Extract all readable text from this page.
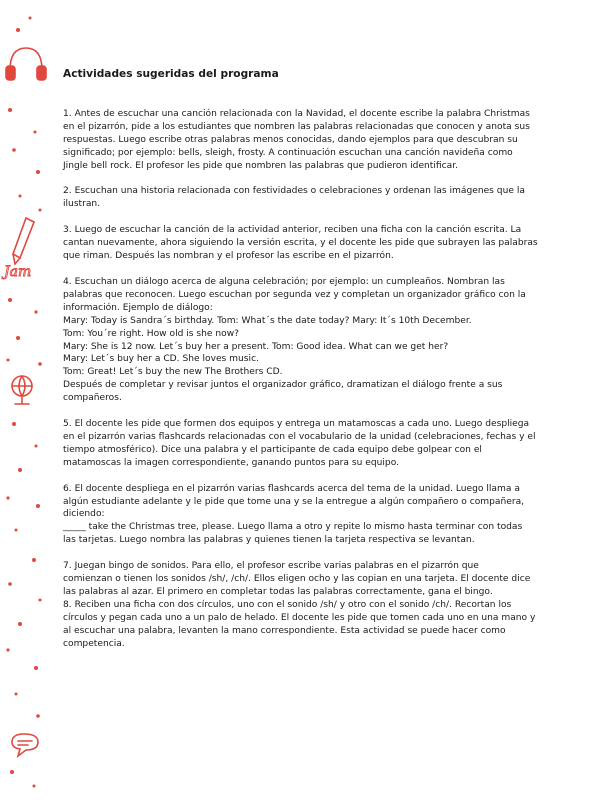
Jam
Actividades sugeridas del programa
1. Antes de escuchar una canción relacionada con la Navidad, el docente escribe la palabra Christmas
en el pizarrón, pide a los estudiantes que nombren las palabras relacionadas que conocen y anota sus
respuestas. Luego escribe otras palabras menos conocidas, dando ejemplos para que descubran su
significado; por ejemplo: bells, sleigh, frosty. A continuación escuchan una canción navideña como
Jingle bell rock. El profesor les pide que nombren las palabras que pudieron identificar.
2. Escuchan una historia relacionada con festividades o celebraciones y ordenan las imágenes que la
ilustran.
3. Luego de escuchar la canción de la actividad anterior, reciben una ficha con la canción escrita. La
cantan nuevamente, ahora siguiendo la versión escrita, y el docente les pide que subrayen las palabras
que riman. Después las nombran y el profesor las escribe en el pizarrón.
4. Escuchan un diálogo acerca de alguna celebración; por ejemplo: un cumpleaños. Nombran las
palabras que reconocen. Luego escuchan por segunda vez y completan un organizador gráfico con la
información. Ejemplo de diálogo:
Mary: Today is Sandra´s birthday. Tom: What´s the date today? Mary: It´s 10th December.
Tom: You´re right. How old is she now?
Mary: She is 12 now. Let´s buy her a present. Tom: Good idea. What can we get her?
Mary: Let´s buy her a CD. She loves music.
Tom: Great! Let´s buy the new The Brothers CD.
Después de completar y revisar juntos el organizador gráfico, dramatizan el diálogo frente a sus
compañeros.
5. El docente les pide que formen dos equipos y entrega un matamoscas a cada uno. Luego despliega
en el pizarrón varias flashcards relacionadas con el vocabulario de la unidad (celebraciones, fechas y el
tiempo atmosférico). Dice una palabra y el participante de cada equipo debe golpear con el
matamoscas la imagen correspondiente, ganando puntos para su equipo.
6. El docente despliega en el pizarrón varias flashcards acerca del tema de la unidad. Luego llama a
algún estudiante adelante y le pide que tome una y se la entregue a algún compañero o compañera,
diciendo:
_____ take the Christmas tree, please. Luego llama a otro y repite lo mismo hasta terminar con todas
las tarjetas. Luego nombra las palabras y quienes tienen la tarjeta respectiva se levantan.
7. Juegan bingo de sonidos. Para ello, el profesor escribe varias palabras en el pizarrón que
comienzan o tienen los sonidos /sh/, /ch/. Ellos eligen ocho y las copian en una tarjeta. El docente dice
las palabras al azar. El primero en completar todas las palabras correctamente, gana el bingo.
8. Reciben una ficha con dos círculos, uno con el sonido /sh/ y otro con el sonido /ch/. Recortan los
círculos y pegan cada uno a un palo de helado. El docente les pide que tomen cada uno en una mano y
al escuchar una palabra, levanten la mano correspondiente. Esta actividad se puede hacer como
competencia.
